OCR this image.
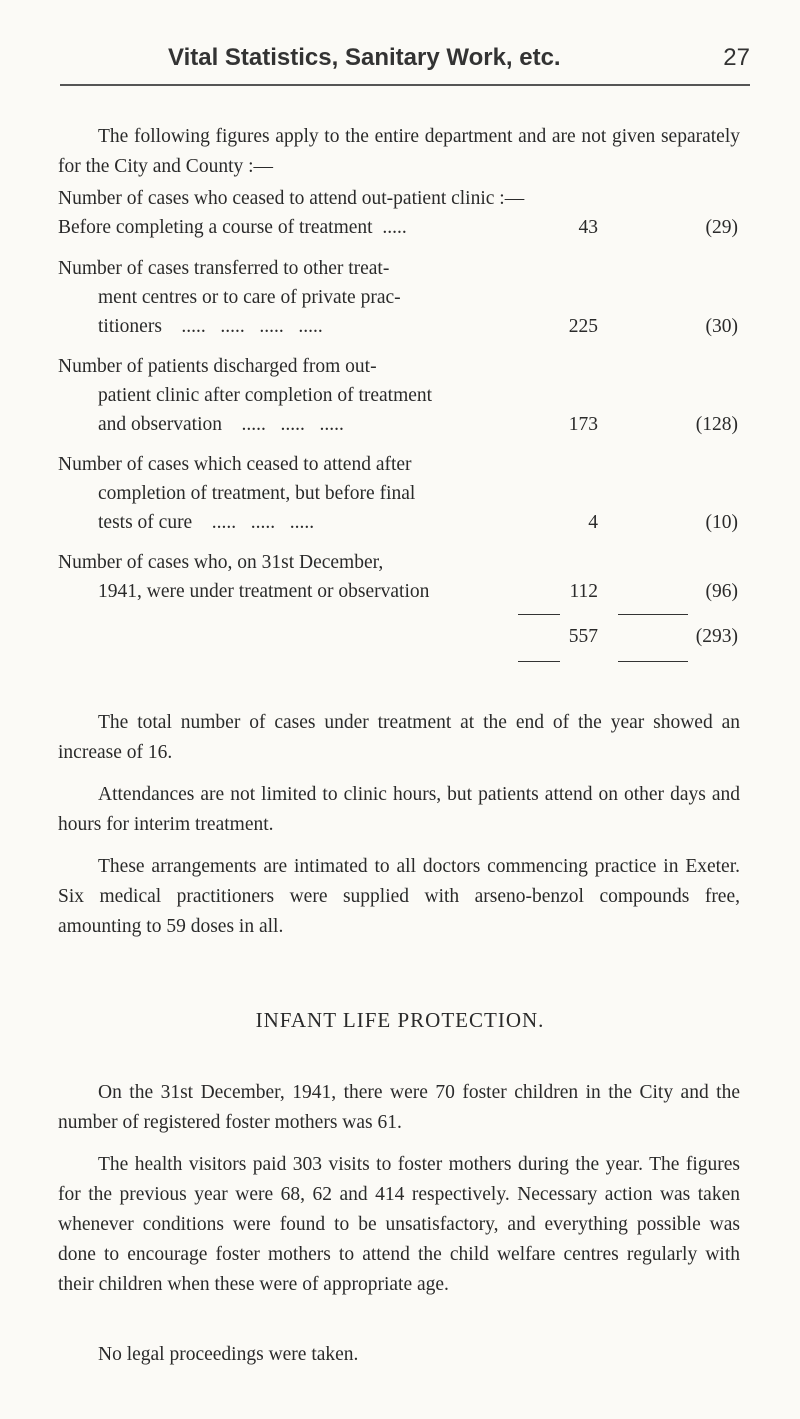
Vital Statistics, Sanitary Work, etc.	27

The following figures apply to the entire department and are not given separately for the City and County :—

Number of cases who ceased to attend out-patient clinic :—
Before completing a course of treatment .....	43	(29)
Number of cases transferred to other treat-
ment centres or to care of private prac-
titioners .....   .....   .....   .....	225	(30)
Number of patients discharged from out-
patient clinic after completion of treatment
and observation .....   .....   .....	173	(128)
Number of cases which ceased to attend after
completion of treatment, but before final
tests of cure .....   .....   .....	4	(10)
Number of cases who, on 31st December,
1941, were under treatment or observation	112	(96)
557	(293)

The total number of cases under treatment at the end of the year showed an increase of 16.

Attendances are not limited to clinic hours, but patients attend on other days and hours for interim treatment.

These arrangements are intimated to all doctors commencing practice in Exeter. Six medical practitioners were supplied with arseno-benzol compounds free, amounting to 59 doses in all.

INFANT LIFE PROTECTION.

On the 31st December, 1941, there were 70 foster children in the City and the number of registered foster mothers was 61.

The health visitors paid 303 visits to foster mothers during the year. The figures for the previous year were 68, 62 and 414 respectively. Necessary action was taken whenever conditions were found to be unsatisfactory, and everything possible was done to encourage foster mothers to attend the child welfare centres regularly with their children when these were of appropriate age.

No legal proceedings were taken.
